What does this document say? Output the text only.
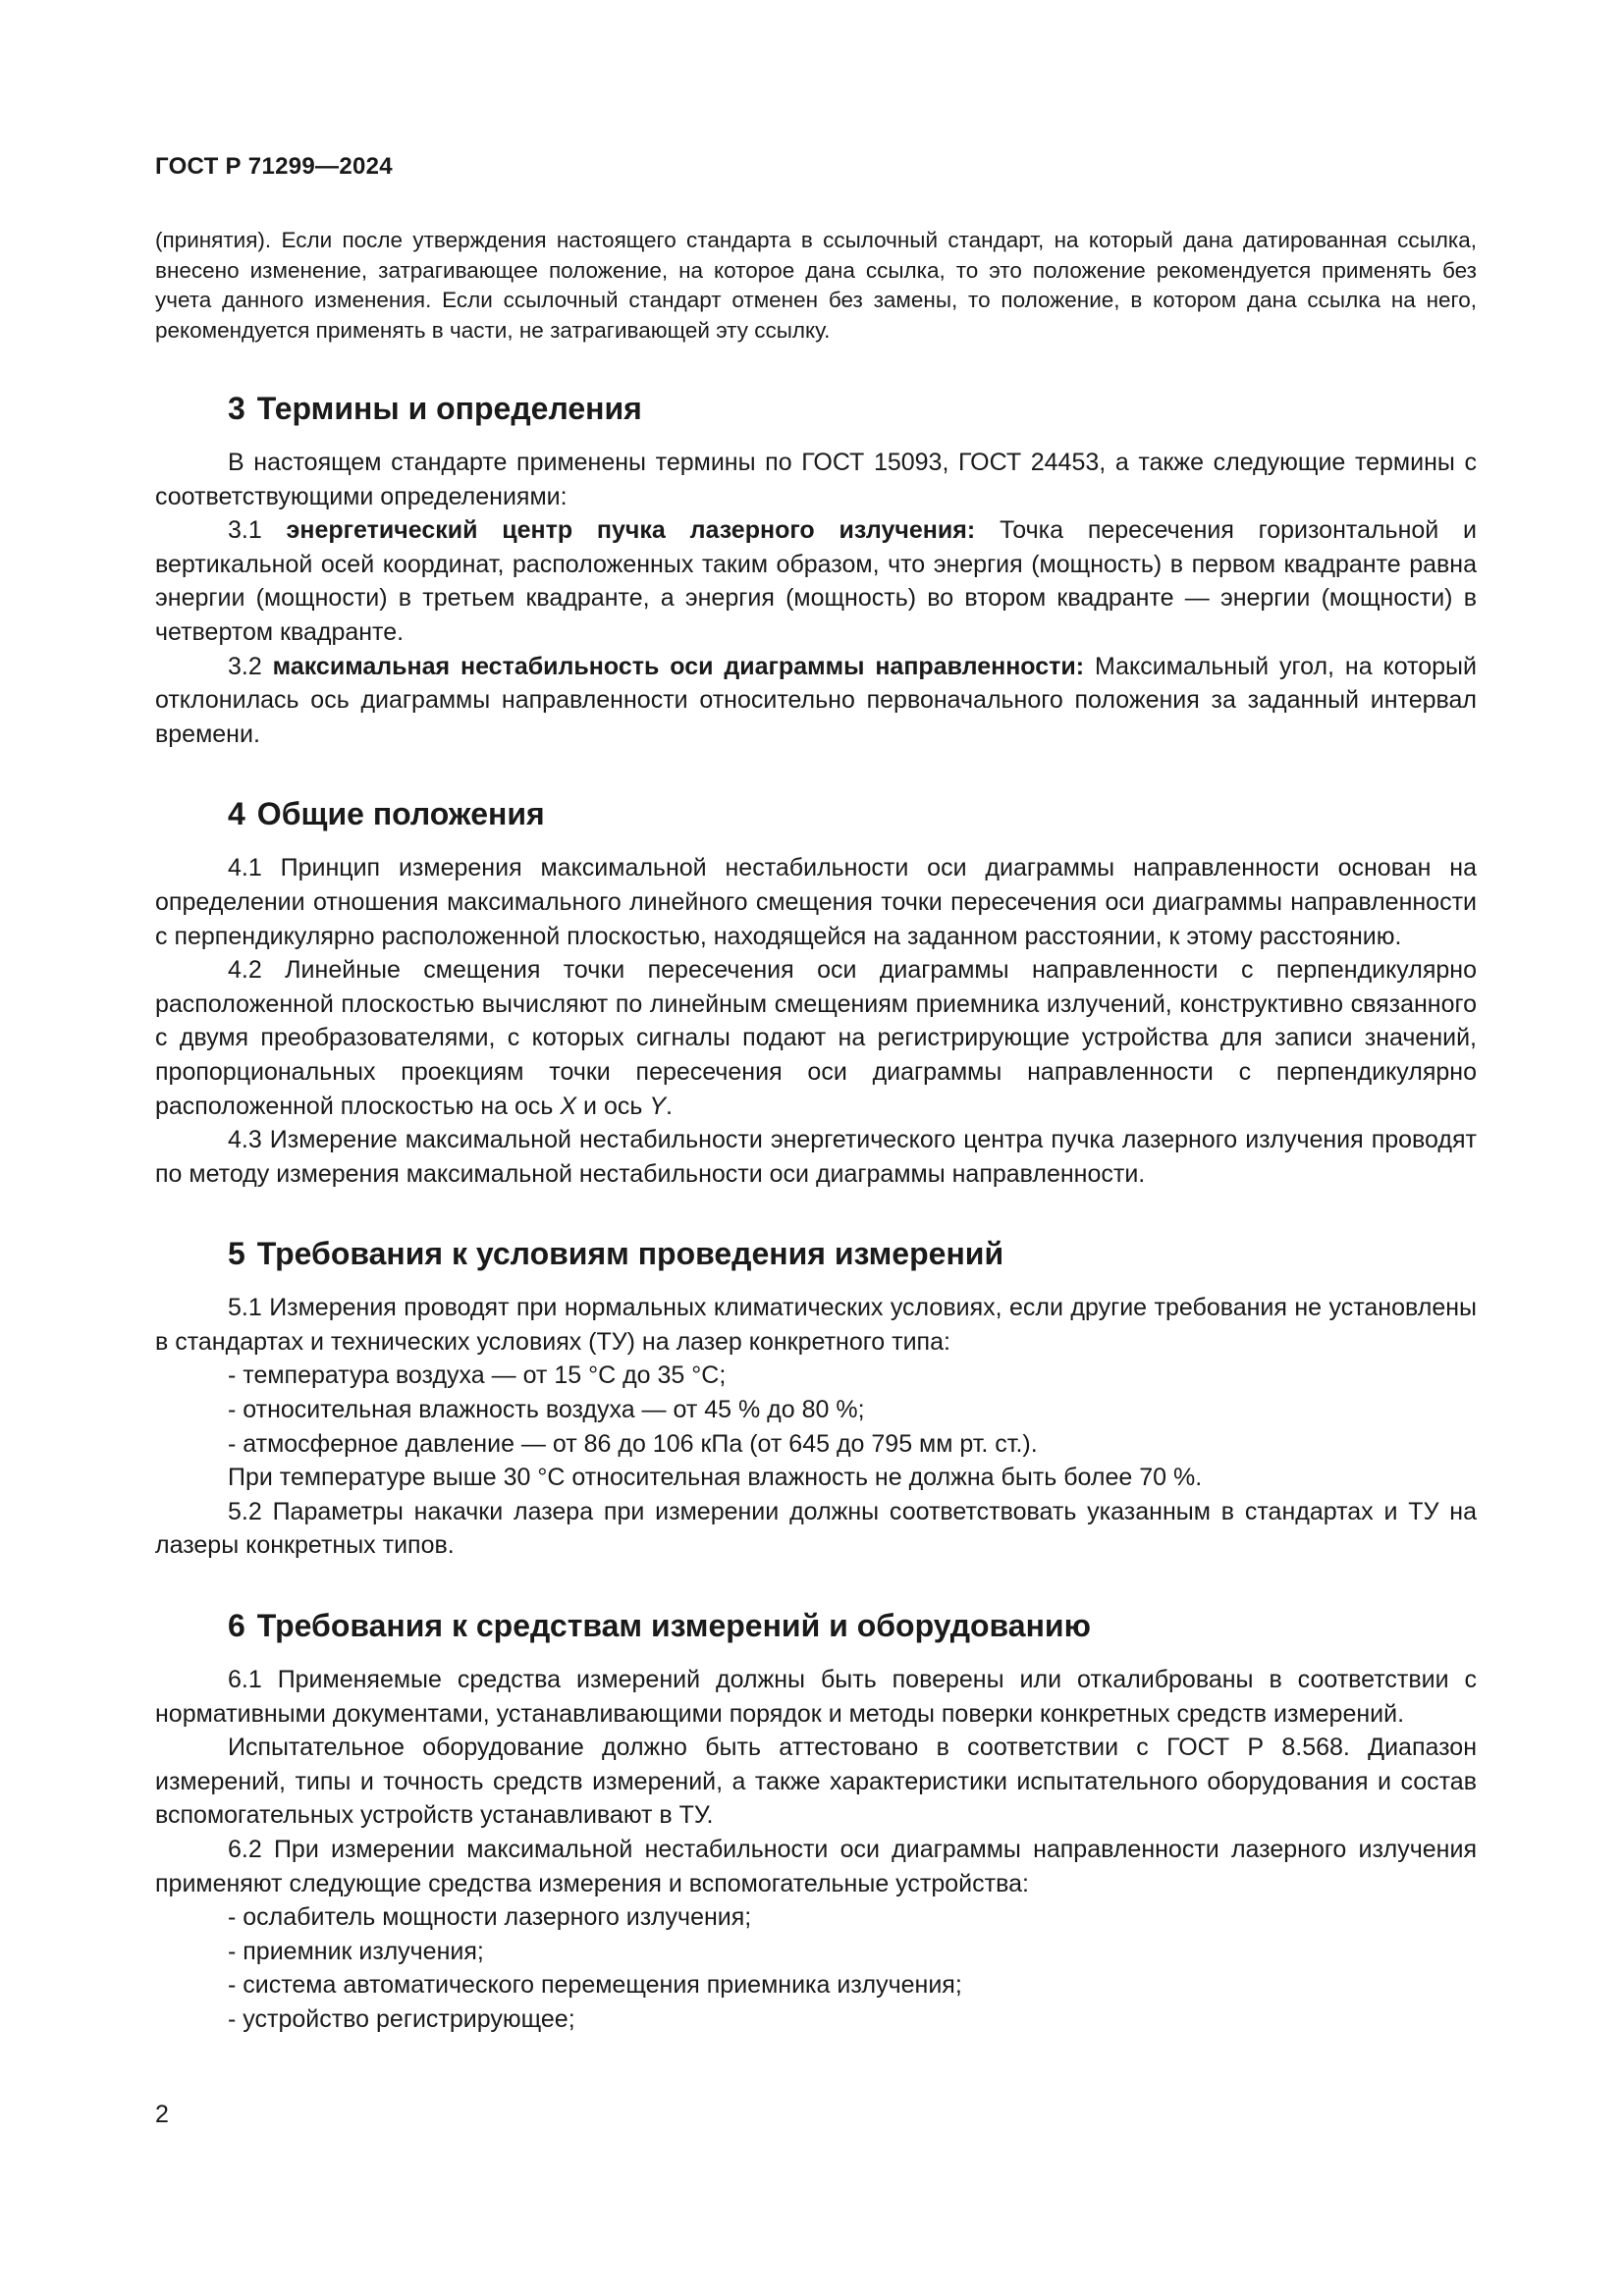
ГОСТ Р 71299—2024

(принятия). Если после утверждения настоящего стандарта в ссылочный стандарт, на который дана датированная ссылка, внесено изменение, затрагивающее положение, на которое дана ссылка, то это положение рекомендуется применять без учета данного изменения. Если ссылочный стандарт отменен без замены, то положение, в котором дана ссылка на него, рекомендуется применять в части, не затрагивающей эту ссылку.

3 Термины и определения

В настоящем стандарте применены термины по ГОСТ 15093, ГОСТ 24453, а также следующие термины с соответствующими определениями:

3.1 энергетический центр пучка лазерного излучения: Точка пересечения горизонтальной и вертикальной осей координат, расположенных таким образом, что энергия (мощность) в первом квадранте равна энергии (мощности) в третьем квадранте, а энергия (мощность) во втором квадранте — энергии (мощности) в четвертом квадранте.

3.2 максимальная нестабильность оси диаграммы направленности: Максимальный угол, на который отклонилась ось диаграммы направленности относительно первоначального положения за заданный интервал времени.

4 Общие положения

4.1 Принцип измерения максимальной нестабильности оси диаграммы направленности основан на определении отношения максимального линейного смещения точки пересечения оси диаграммы направленности с перпендикулярно расположенной плоскостью, находящейся на заданном расстоянии, к этому расстоянию.

4.2 Линейные смещения точки пересечения оси диаграммы направленности с перпендикулярно расположенной плоскостью вычисляют по линейным смещениям приемника излучений, конструктивно связанного с двумя преобразователями, с которых сигналы подают на регистрирующие устройства для записи значений, пропорциональных проекциям точки пересечения оси диаграммы направленности с перпендикулярно расположенной плоскостью на ось X и ось Y.

4.3 Измерение максимальной нестабильности энергетического центра пучка лазерного излучения проводят по методу измерения максимальной нестабильности оси диаграммы направленности.

5 Требования к условиям проведения измерений

5.1 Измерения проводят при нормальных климатических условиях, если другие требования не установлены в стандартах и технических условиях (ТУ) на лазер конкретного типа:

- температура воздуха — от 15 °С до 35 °С;

- относительная влажность воздуха — от 45 % до 80 %;

- атмосферное давление — от 86 до 106 кПа (от 645 до 795 мм рт. ст.).

При температуре выше 30 °С относительная влажность не должна быть более 70 %.

5.2 Параметры накачки лазера при измерении должны соответствовать указанным в стандартах и ТУ на лазеры конкретных типов.

6 Требования к средствам измерений и оборудованию

6.1 Применяемые средства измерений должны быть поверены или откалиброваны в соответствии с нормативными документами, устанавливающими порядок и методы поверки конкретных средств измерений.

Испытательное оборудование должно быть аттестовано в соответствии с ГОСТ Р 8.568. Диапазон измерений, типы и точность средств измерений, а также характеристики испытательного оборудования и состав вспомогательных устройств устанавливают в ТУ.

6.2 При измерении максимальной нестабильности оси диаграммы направленности лазерного излучения применяют следующие средства измерения и вспомогательные устройства:

- ослабитель мощности лазерного излучения;

- приемник излучения;

- система автоматического перемещения приемника излучения;

- устройство регистрирующее;

2
